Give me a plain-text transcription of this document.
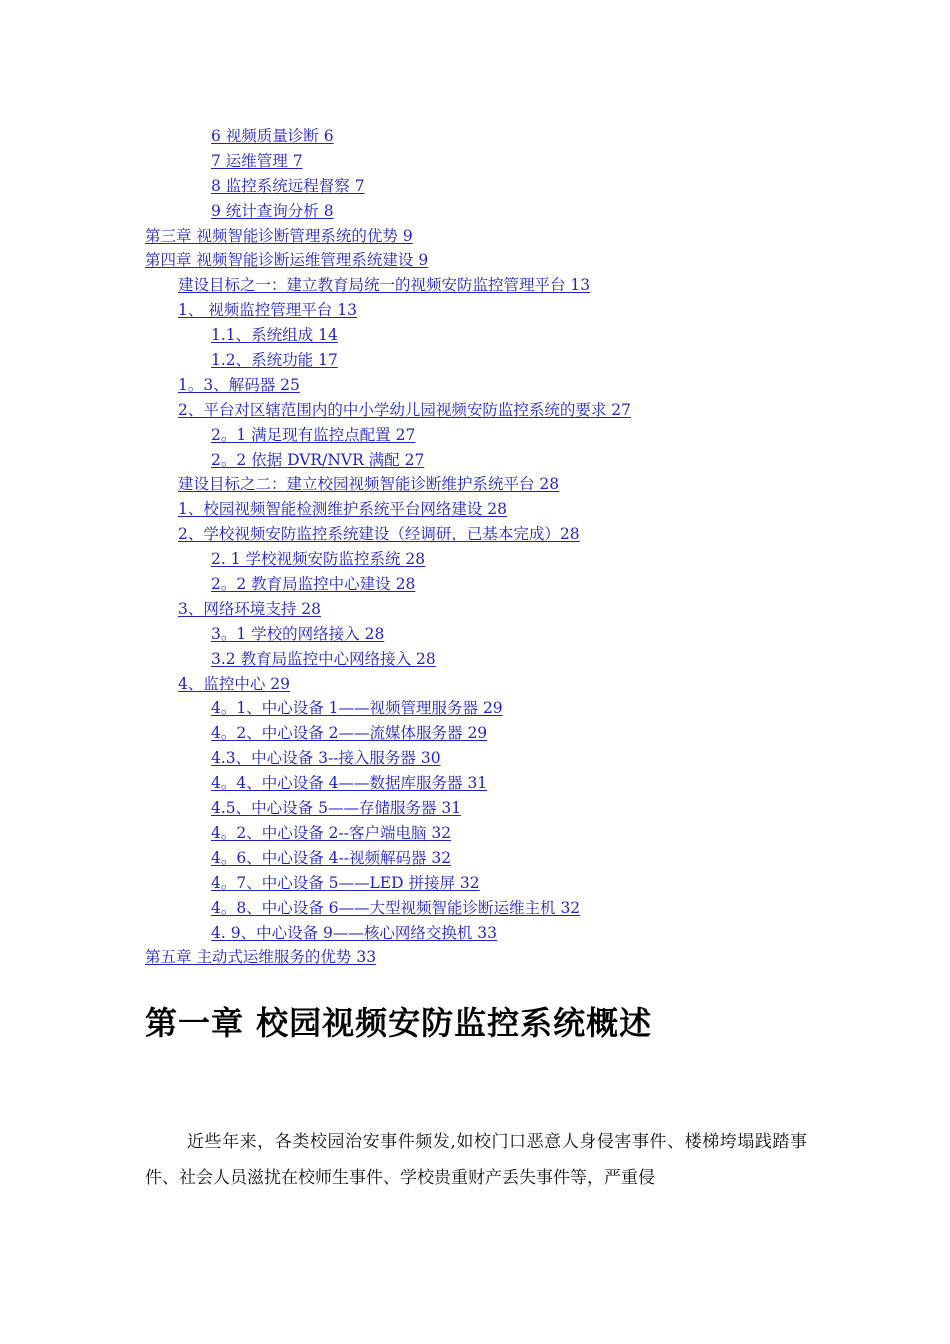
6 视频质量诊断 6
7 运维管理 7
8 监控系统远程督察 7
9 统计查询分析 8
第三章 视频智能诊断管理系统的优势 9
第四章 视频智能诊断运维管理系统建设 9
建设目标之一：建立教育局统一的视频安防监控管理平台 13
1、 视频监控管理平台 13
1.1、系统组成 14
1.2、系统功能 17
1。3、解码器 25
2、平台对区辖范围内的中小学幼儿园视频安防监控系统的要求 27
2。1 满足现有监控点配置 27
2。2 依据 DVR/NVR 满配 27
建设目标之二：建立校园视频智能诊断维护系统平台 28
1、校园视频智能检测维护系统平台网络建设 28
2、学校视频安防监控系统建设（经调研，已基本完成）28
2. 1 学校视频安防监控系统 28
2。2 教育局监控中心建设 28
3、网络环境支持 28
3。1 学校的网络接入 28
3.2 教育局监控中心网络接入 28
4、监控中心 29
4。1、中心设备 1——视频管理服务器 29
4。2、中心设备 2——流媒体服务器 29
4.3、中心设备 3--接入服务器 30
4。4、中心设备 4——数据库服务器 31
4.5、中心设备 5——存储服务器 31
4。2、中心设备 2--客户端电脑 32
4。6、中心设备 4--视频解码器 32
4。7、中心设备 5——LED 拼接屏 32
4。8、中心设备 6——大型视频智能诊断运维主机 32
4. 9、中心设备 9——核心网络交换机 33
第五章 主动式运维服务的优势 33
第一章 校园视频安防监控系统概述

近些年来，各类校园治安事件频发,如校门口恶意人身侵害事件、楼梯垮塌践踏事件、社会人员滋扰在校师生事件、学校贵重财产丢失事件等，严重侵
